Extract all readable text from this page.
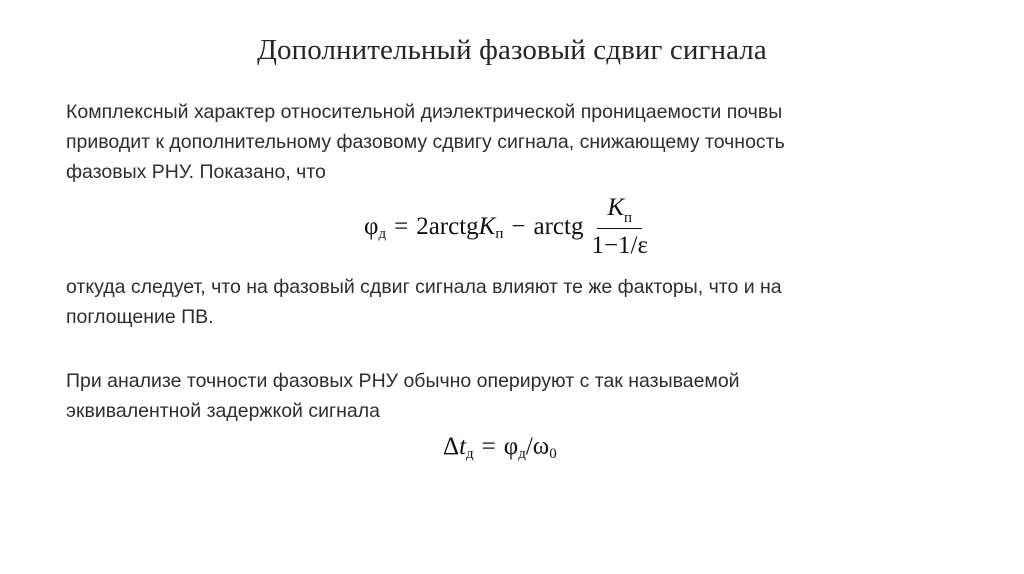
Дополнительный фазовый сдвиг сигнала
Комплексный характер относительной диэлектрической проницаемости почвы
приводит к дополнительному фазовому сдвигу сигнала, снижающему точность
фазовых РНУ. Показано, что
φ д = 2arctg K п − arctg $\frac{K_п}{1-1/\varepsilon}$
откуда следует, что на фазовый сдвиг сигнала влияют те же факторы, что и на
поглощение ПВ.
При анализе точности фазовых РНУ обычно оперируют с так называемой
эквивалентной задержкой сигнала
Δ t д = φ д /ω 0
